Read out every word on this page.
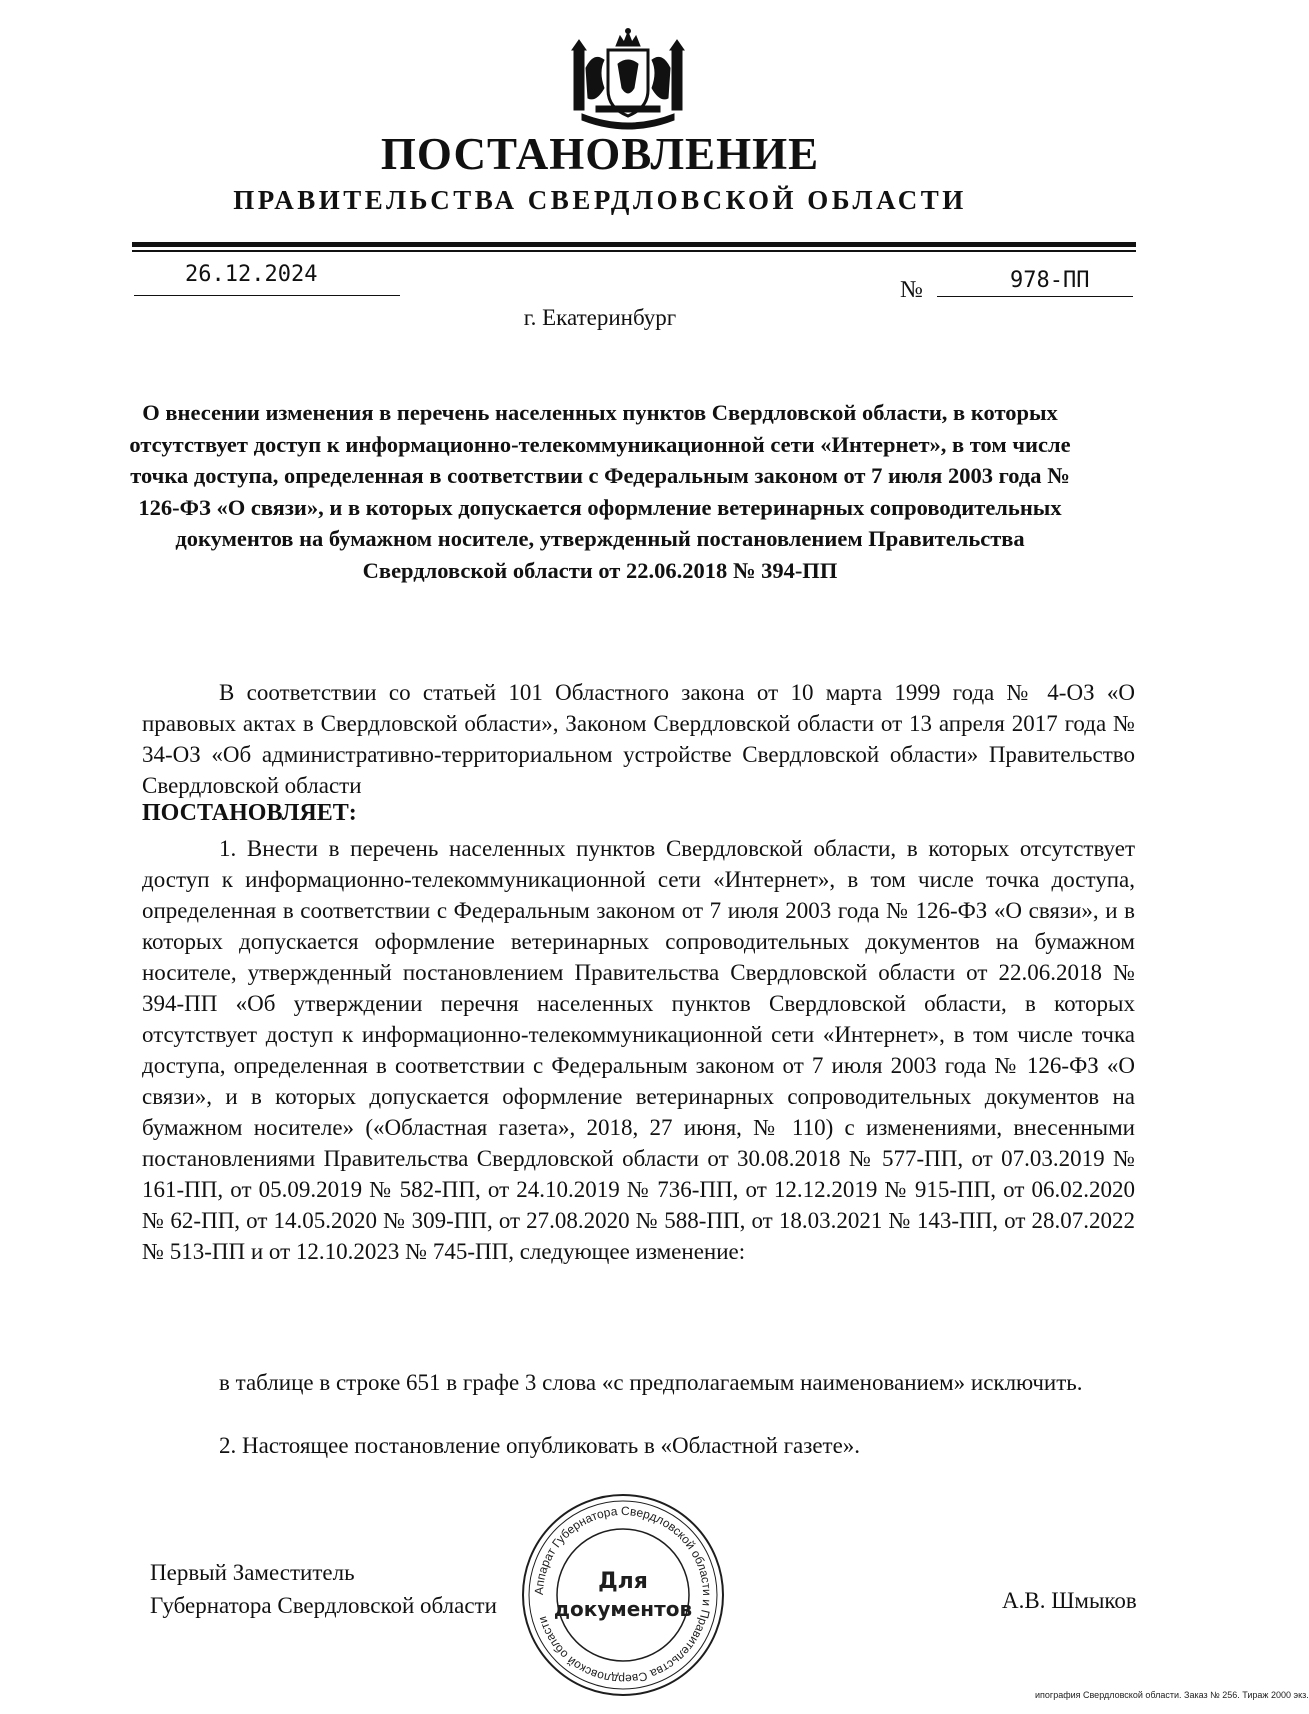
ПОСТАНОВЛЕНИЕ
ПРАВИТЕЛЬСТВА СВЕРДЛОВСКОЙ ОБЛАСТИ
26.12.2024
№	978-ПП
г. Екатеринбург
О внесении изменения в перечень населенных пунктов Свердловской области, в которых отсутствует доступ к информационно-телекоммуникационной сети «Интернет», в том числе точка доступа, определенная в соответствии с Федеральным законом от 7 июля 2003 года № 126-ФЗ «О связи», и в которых допускается оформление ветеринарных сопроводительных документов на бумажном носителе, утвержденный постановлением Правительства Свердловской области от 22.06.2018 № 394-ПП
В соответствии со статьей 101 Областного закона от 10 марта 1999 года № 4-ОЗ «О правовых актах в Свердловской области», Законом Свердловской области от 13 апреля 2017 года № 34-ОЗ «Об административно-территориальном устройстве Свердловской области» Правительство Свердловской области
ПОСТАНОВЛЯЕТ:
1. Внести в перечень населенных пунктов Свердловской области, в которых отсутствует доступ к информационно-телекоммуникационной сети «Интернет», в том числе точка доступа, определенная в соответствии с Федеральным законом от 7 июля 2003 года № 126-ФЗ «О связи», и в которых допускается оформление ветеринарных сопроводительных документов на бумажном носителе, утвержденный постановлением Правительства Свердловской области от 22.06.2018 № 394-ПП «Об утверждении перечня населенных пунктов Свердловской области, в которых отсутствует доступ к информационно-телекоммуникационной сети «Интернет», в том числе точка доступа, определенная в соответствии с Федеральным законом от 7 июля 2003 года № 126-ФЗ «О связи», и в которых допускается оформление ветеринарных сопроводительных документов на бумажном носителе» («Областная газета», 2018, 27 июня, № 110) с изменениями, внесенными постановлениями Правительства Свердловской области от 30.08.2018 № 577-ПП, от 07.03.2019 № 161-ПП, от 05.09.2019 № 582-ПП, от 24.10.2019 № 736-ПП, от 12.12.2019 № 915-ПП, от 06.02.2020 № 62-ПП, от 14.05.2020 № 309-ПП, от 27.08.2020 № 588-ПП, от 18.03.2021 № 143-ПП, от 28.07.2022 № 513-ПП и от 12.10.2023 № 745-ПП, следующее изменение:
в таблице в строке 651 в графе 3 слова «с предполагаемым наименованием» исключить.
2. Настоящее постановление опубликовать в «Областной газете».
Первый Заместитель
Губернатора Свердловской области	А.В. Шмыков
Аппарат Губернатора Свердловской области и Правительства Свердловской области
Для
документов
ипография Свердловской области. Заказ № 256. Тираж 2000 экз.
